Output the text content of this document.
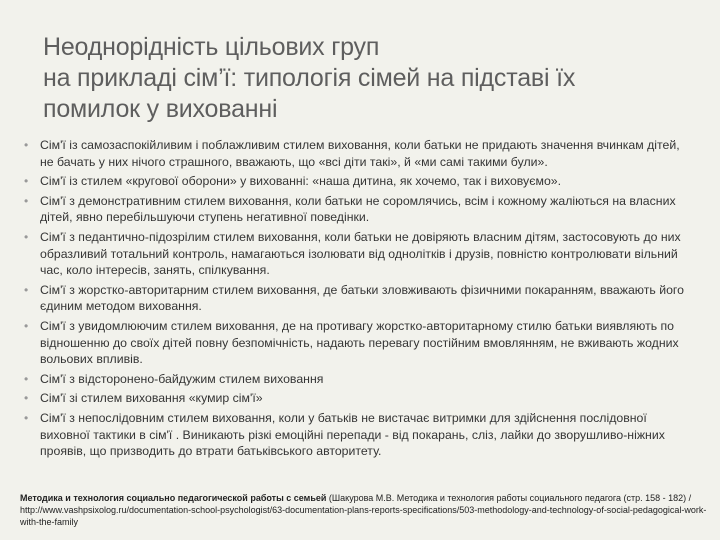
Неоднорідність цільових груп
на прикладі сім’ї: типологія сімей на підставі їх
помилок у вихованні
• Сім'ї із самозаспокійливим і поблажливим стилем виховання, коли батьки не придають значення вчинкам дітей, не бачать у них нічого страшного, вважають, що «всі діти такі», й «ми самі такими були».
• Сім'ї із стилем «кругової оборони» у вихованні: «наша дитина, як хочемо, так і виховуємо».
• Сім'ї з демонстративним стилем виховання, коли батьки не соромлячись, всім і кожному жаліються на власних дітей, явно перебільшуючи ступень негативної поведінки.
• Сім'ї з педантично-підозрілим стилем виховання, коли батьки не довіряють власним дітям, застосовують до них образливий тотальний контроль, намагаються ізолювати від однолітків і друзів, повністю контролювати вільний час, коло інтересів, занять, спілкування.
• Сім'ї з жорстко-авторитарним стилем виховання, де батьки зловживають фізичними покаранням, вважають його єдиним методом виховання.
• Сім'ї з увидомлюючим стилем виховання, де на противагу жорстко-авторитарному стилю батьки виявляють по відношенню до своїх дітей повну безпомічність, надають перевагу постійним вмовлянням, не вживають жодних вольових впливів.
• Сім'ї з відсторонено-байдужим стилем виховання
• Сім'ї зі стилем виховання «кумир сім'ї»
• Сім'ї з непослідовним стилем виховання, коли у батьків не вистачає витримки для здійснення послідовної виховної тактики в сім'ї . Виникають різкі емоційні перепади - від покарань, сліз, лайки до зворушливо-ніжних проявів, що призводить до втрати батьківського авторитету.
Методика и технология социально педагогической работы с семьей (Шакурова М.В. Методика и технология работы социального педагога (стр. 158 - 182) / http://www.vashpsixolog.ru/documentation-school-psychologist/63-documentation-plans-reports-specifications/503-methodology-and-technology-of-social-pedagogical-work-with-the-family
